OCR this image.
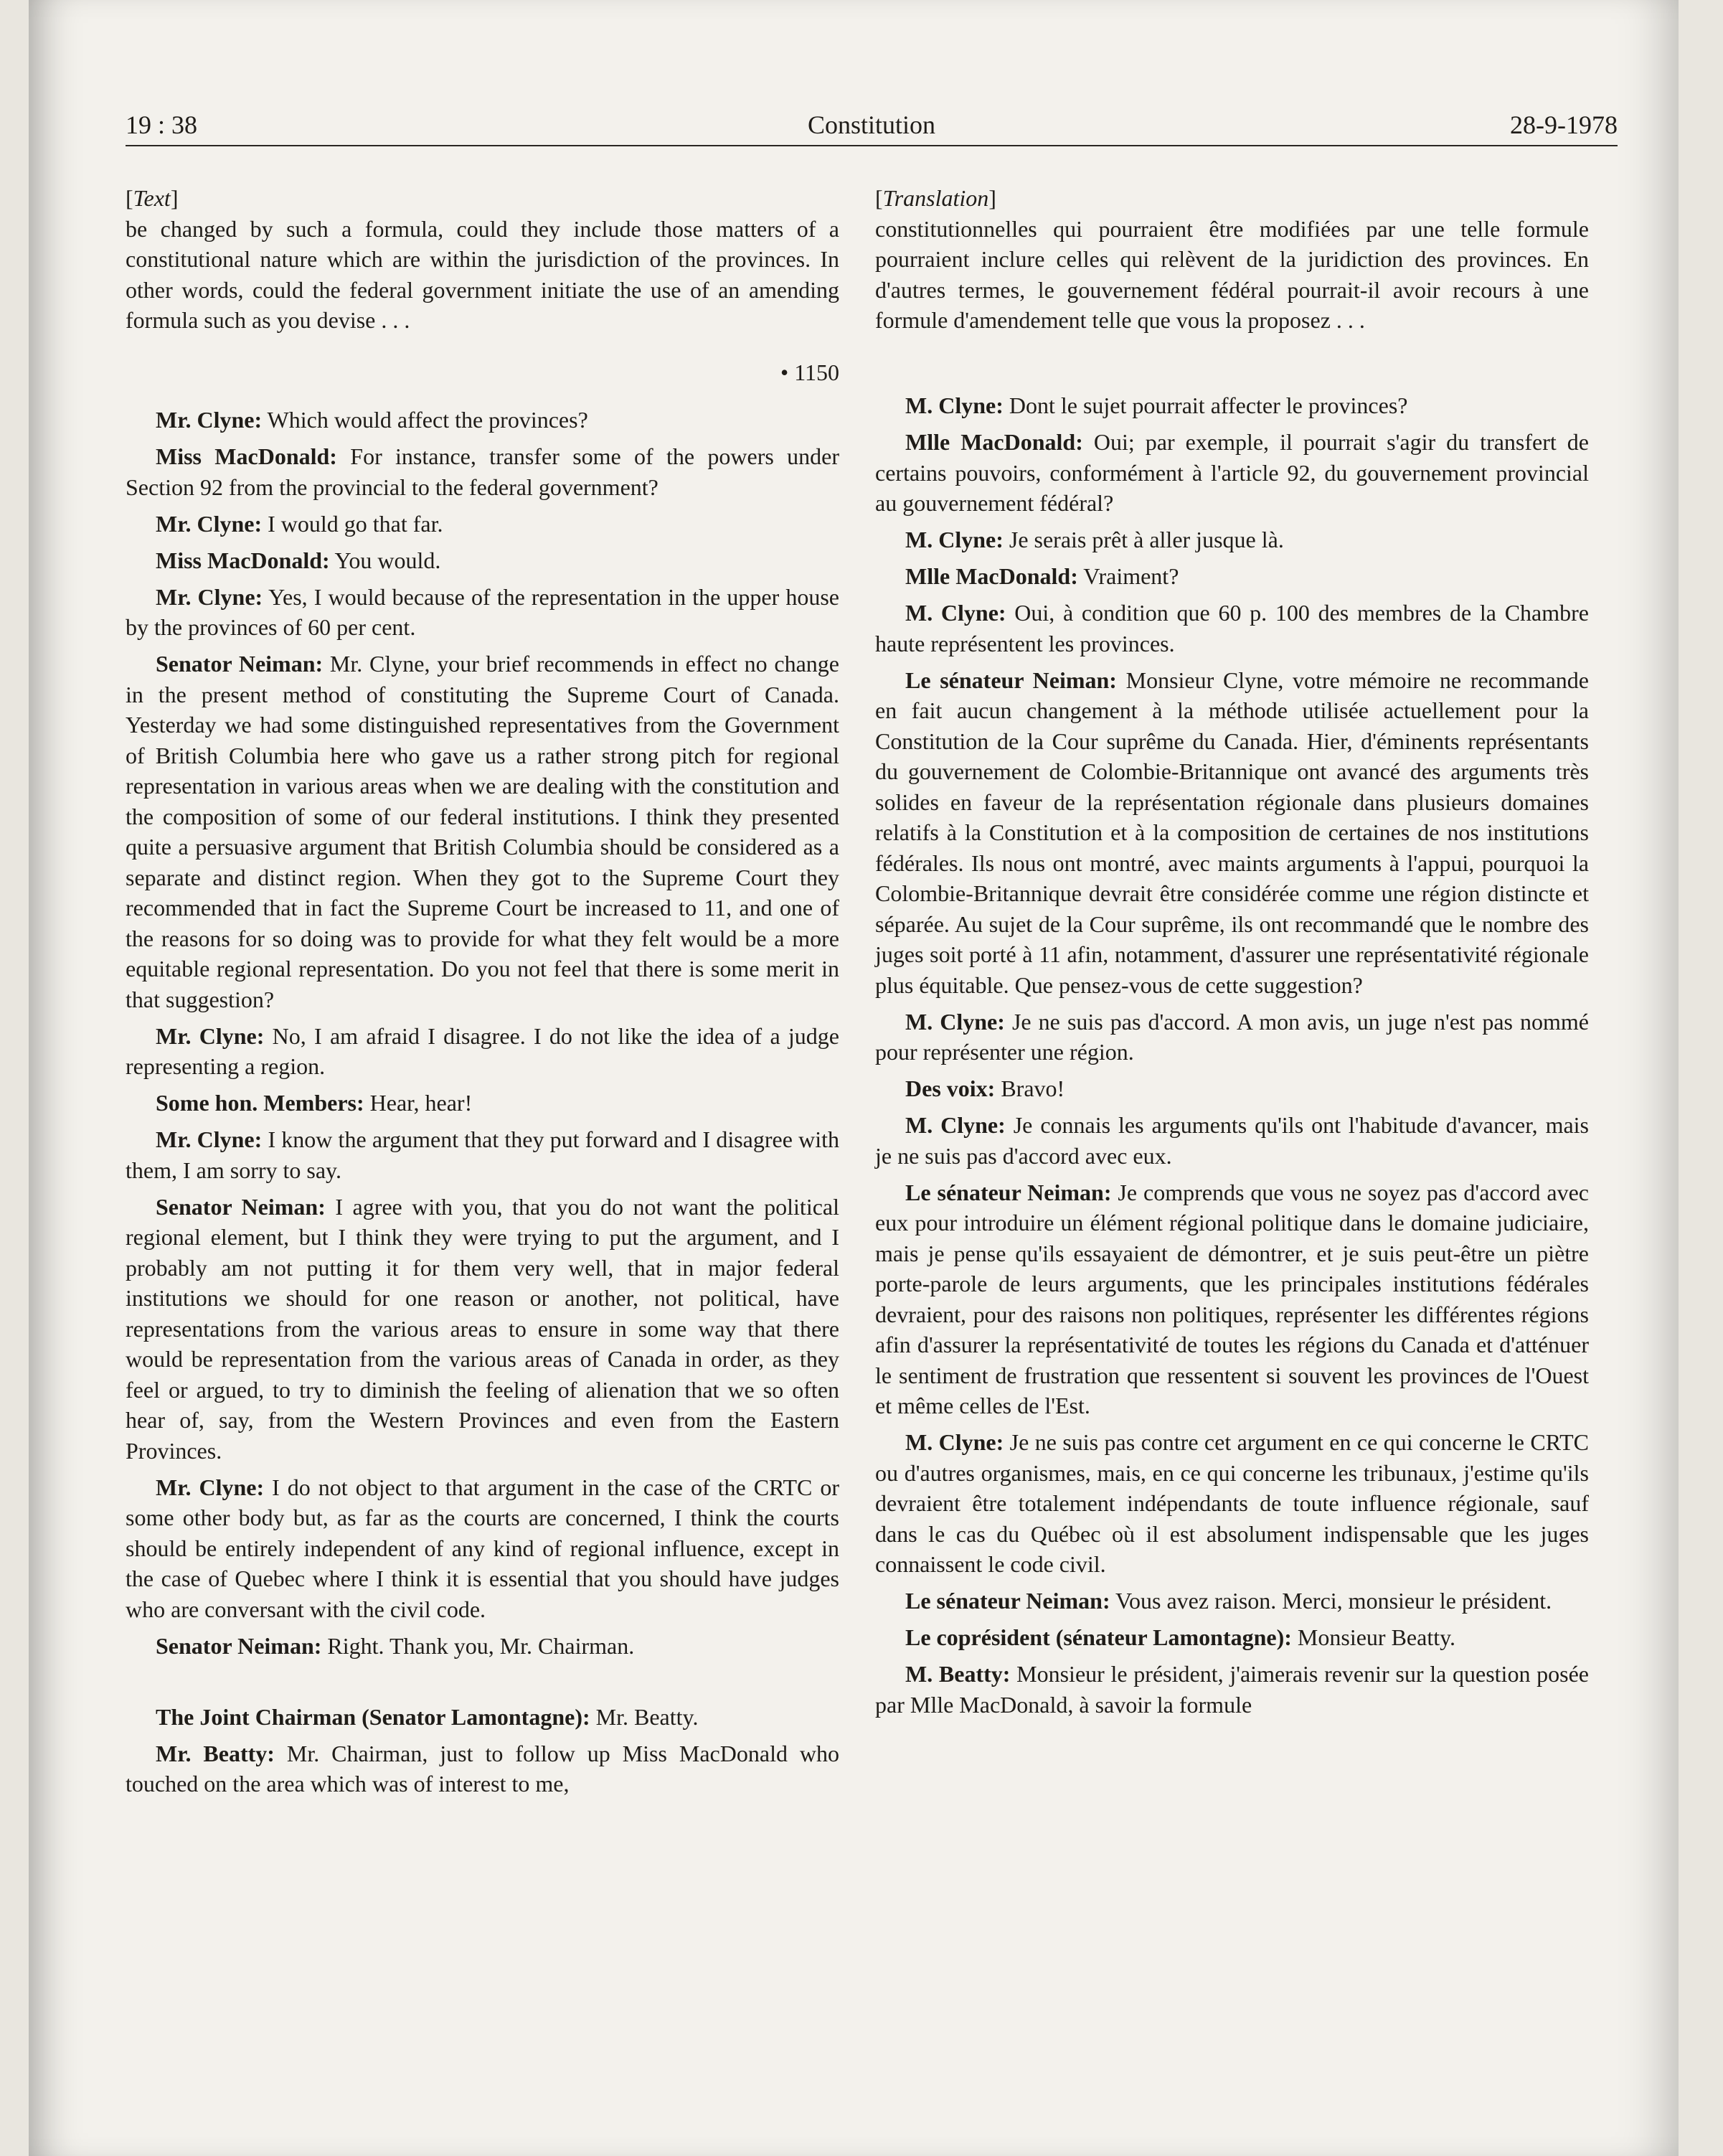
19 : 38	Constitution	28-9-1978

[Text]

be changed by such a formula, could they include those matters of a constitutional nature which are within the jurisdiction of the provinces. In other words, could the federal government initiate the use of an amending formula such as you devise . . .

• 1150

Mr. Clyne: Which would affect the provinces?

Miss MacDonald: For instance, transfer some of the powers under Section 92 from the provincial to the federal government?

Mr. Clyne: I would go that far.

Miss MacDonald: You would.

Mr. Clyne: Yes, I would because of the representation in the upper house by the provinces of 60 per cent.

Senator Neiman: Mr. Clyne, your brief recommends in effect no change in the present method of constituting the Supreme Court of Canada. Yesterday we had some distinguished representatives from the Government of British Columbia here who gave us a rather strong pitch for regional representation in various areas when we are dealing with the constitution and the composition of some of our federal institutions. I think they presented quite a persuasive argument that British Columbia should be considered as a separate and distinct region. When they got to the Supreme Court they recommended that in fact the Supreme Court be increased to 11, and one of the reasons for so doing was to provide for what they felt would be a more equitable regional representation. Do you not feel that there is some merit in that suggestion?

Mr. Clyne: No, I am afraid I disagree. I do not like the idea of a judge representing a region.

Some hon. Members: Hear, hear!

Mr. Clyne: I know the argument that they put forward and I disagree with them, I am sorry to say.

Senator Neiman: I agree with you, that you do not want the political regional element, but I think they were trying to put the argument, and I probably am not putting it for them very well, that in major federal institutions we should for one reason or another, not political, have representations from the various areas to ensure in some way that there would be representation from the various areas of Canada in order, as they feel or argued, to try to diminish the feeling of alienation that we so often hear of, say, from the Western Provinces and even from the Eastern Provinces.

Mr. Clyne: I do not object to that argument in the case of the CRTC or some other body but, as far as the courts are concerned, I think the courts should be entirely independent of any kind of regional influence, except in the case of Quebec where I think it is essential that you should have judges who are conversant with the civil code.

Senator Neiman: Right. Thank you, Mr. Chairman.

The Joint Chairman (Senator Lamontagne): Mr. Beatty.

Mr. Beatty: Mr. Chairman, just to follow up Miss MacDonald who touched on the area which was of interest to me,

[Translation]

constitutionnelles qui pourraient être modifiées par une telle formule pourraient inclure celles qui relèvent de la juridiction des provinces. En d'autres termes, le gouvernement fédéral pourrait-il avoir recours à une formule d'amendement telle que vous la proposez . . .

M. Clyne: Dont le sujet pourrait affecter le provinces?

Mlle MacDonald: Oui; par exemple, il pourrait s'agir du transfert de certains pouvoirs, conformément à l'article 92, du gouvernement provincial au gouvernement fédéral?

M. Clyne: Je serais prêt à aller jusque là.

Mlle MacDonald: Vraiment?

M. Clyne: Oui, à condition que 60 p. 100 des membres de la Chambre haute représentent les provinces.

Le sénateur Neiman: Monsieur Clyne, votre mémoire ne recommande en fait aucun changement à la méthode utilisée actuellement pour la Constitution de la Cour suprême du Canada. Hier, d'éminents représentants du gouvernement de Colombie-Britannique ont avancé des arguments très solides en faveur de la représentation régionale dans plusieurs domaines relatifs à la Constitution et à la composition de certaines de nos institutions fédérales. Ils nous ont montré, avec maints arguments à l'appui, pourquoi la Colombie-Britannique devrait être considérée comme une région distincte et séparée. Au sujet de la Cour suprême, ils ont recommandé que le nombre des juges soit porté à 11 afin, notamment, d'assurer une représentativité régionale plus équitable. Que pensez-vous de cette suggestion?

M. Clyne: Je ne suis pas d'accord. A mon avis, un juge n'est pas nommé pour représenter une région.

Des voix: Bravo!

M. Clyne: Je connais les arguments qu'ils ont l'habitude d'avancer, mais je ne suis pas d'accord avec eux.

Le sénateur Neiman: Je comprends que vous ne soyez pas d'accord avec eux pour introduire un élément régional politique dans le domaine judiciaire, mais je pense qu'ils essayaient de démontrer, et je suis peut-être un piètre porte-parole de leurs arguments, que les principales institutions fédérales devraient, pour des raisons non politiques, représenter les différentes régions afin d'assurer la représentativité de toutes les régions du Canada et d'atténuer le sentiment de frustration que ressentent si souvent les provinces de l'Ouest et même celles de l'Est.

M. Clyne: Je ne suis pas contre cet argument en ce qui concerne le CRTC ou d'autres organismes, mais, en ce qui concerne les tribunaux, j'estime qu'ils devraient être totalement indépendants de toute influence régionale, sauf dans le cas du Québec où il est absolument indispensable que les juges connaissent le code civil.

Le sénateur Neiman: Vous avez raison. Merci, monsieur le président.

Le coprésident (sénateur Lamontagne): Monsieur Beatty.

M. Beatty: Monsieur le président, j'aimerais revenir sur la question posée par Mlle MacDonald, à savoir la formule
